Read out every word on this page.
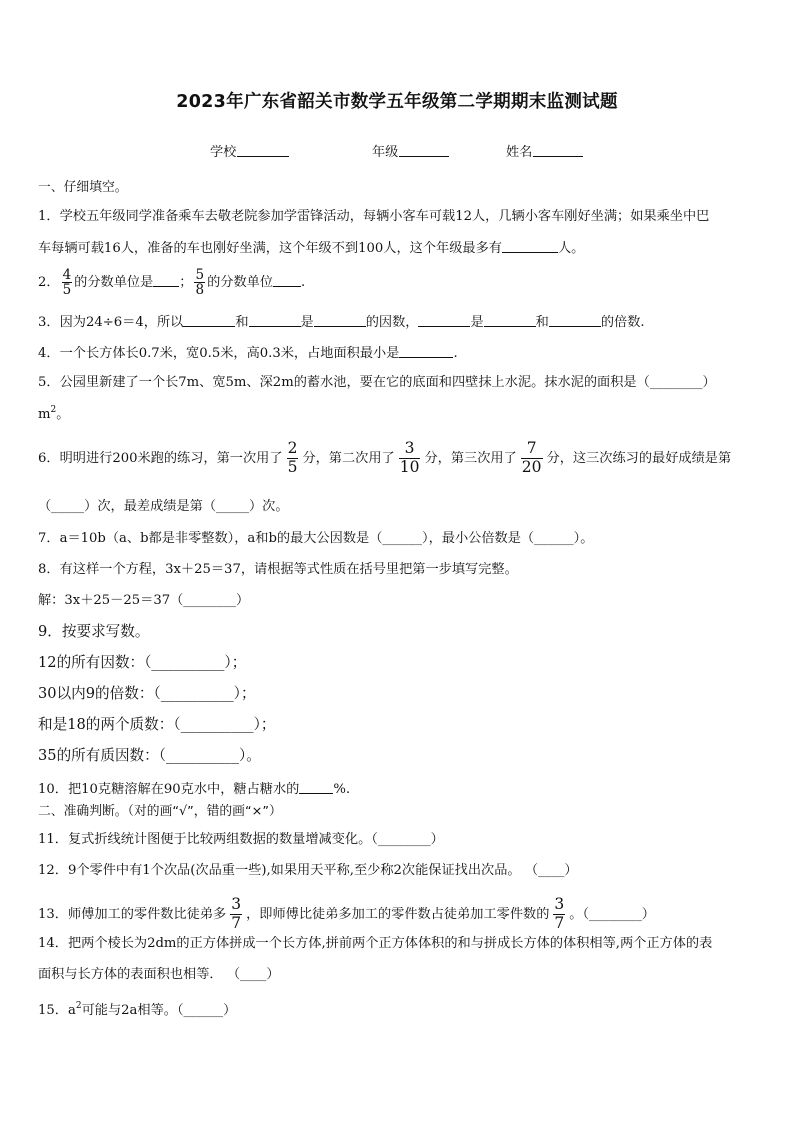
2023年广东省韶关市数学五年级第二学期期末监测试题
学校	年级	姓名
一、仔细填空。
1．学校五年级同学准备乘车去敬老院参加学雷锋活动，每辆小客车可载12人，几辆小客车刚好坐满；如果乘坐中巴
车每辆可载16人，准备的车也刚好坐满，这个年级不到100人，这个年级最多有	人。
2． $\frac{4}{5}$ 的分数单位是 ； $\frac{5}{8}$ 的分数单位 .
3．因为24÷6＝4，所以	和	是	的因数，	是	和	的倍数.
4．一个长方体长0.7米，宽0.5米，高0.3米，占地面积最小是	.
5．公园里新建了一个长7m、宽5m、深2m的蓄水池，要在它的底面和四壁抹上水泥。抹水泥的面积是（________）
$m^2$。
6．明明进行200米跑的练习，第一次用了 $\frac{2}{5}$ 分，第二次用了 $\frac{3}{10}$ 分，第三次用了 $\frac{7}{20}$ 分，这三次练习的最好成绩是第
（_____）次，最差成绩是第（_____）次。
7．a＝10b（a、b都是非零整数），a和b的最大公因数是（______），最小公倍数是（______）。
8．有这样一个方程，3x＋25＝37，请根据等式性质在括号里把第一步填写完整。
解：3x＋25－25＝37（________）
9．按要求写数。
12的所有因数：（__________）；
30以内9的倍数：（__________）；
和是18的两个质数：（__________）；
35的所有质因数：（__________）。
10．把10克糖溶解在90克水中，糖占糖水的	%.
二、准确判断。（对的画“√”，错的画“×”）
11．复式折线统计图便于比较两组数据的数量增减变化。（________）
12．9个零件中有1个次品(次品重一些),如果用天平称,至少称2次能保证找出次品。 （____）
13．师傅加工的零件数比徒弟多 $\frac{3}{7}$ ，即师傅比徒弟多加工的零件数占徒弟加工零件数的 $\frac{3}{7}$ 。（________）
14．把两个棱长为2dm的正方体拼成一个长方体,拼前两个正方体体积的和与拼成长方体的体积相等,两个正方体的表
面积与长方体的表面积也相等． （____）
15．$a^2$可能与2a相等。（______）
